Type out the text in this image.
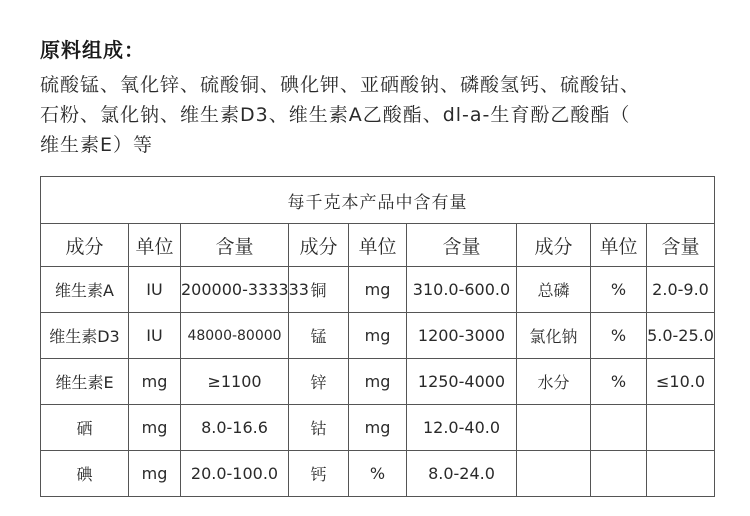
原料组成：
硫酸锰、氧化锌、硫酸铜、碘化钾、亚硒酸钠、磷酸氢钙、硫酸钴、
石粉、氯化钠、维生素D3、维生素A乙酸酯、dl-a-生育酚乙酸酯（
维生素E）等
每千克本产品中含有量								
成分	单位	含量	成分	单位	含量	成分	单位	含量
维生素A	IU	200000-333333	铜	mg	310.0-600.0	总磷	%	2.0-9.0
维生素D3	IU	48000-80000	锰	mg	1200-3000	氯化钠	%	5.0-25.0
维生素E	mg	≥1100	锌	mg	1250-4000	水分	%	≤10.0
硒	mg	8.0-16.6	钴	mg	12.0-40.0			
碘	mg	20.0-100.0	钙	%	8.0-24.0			
